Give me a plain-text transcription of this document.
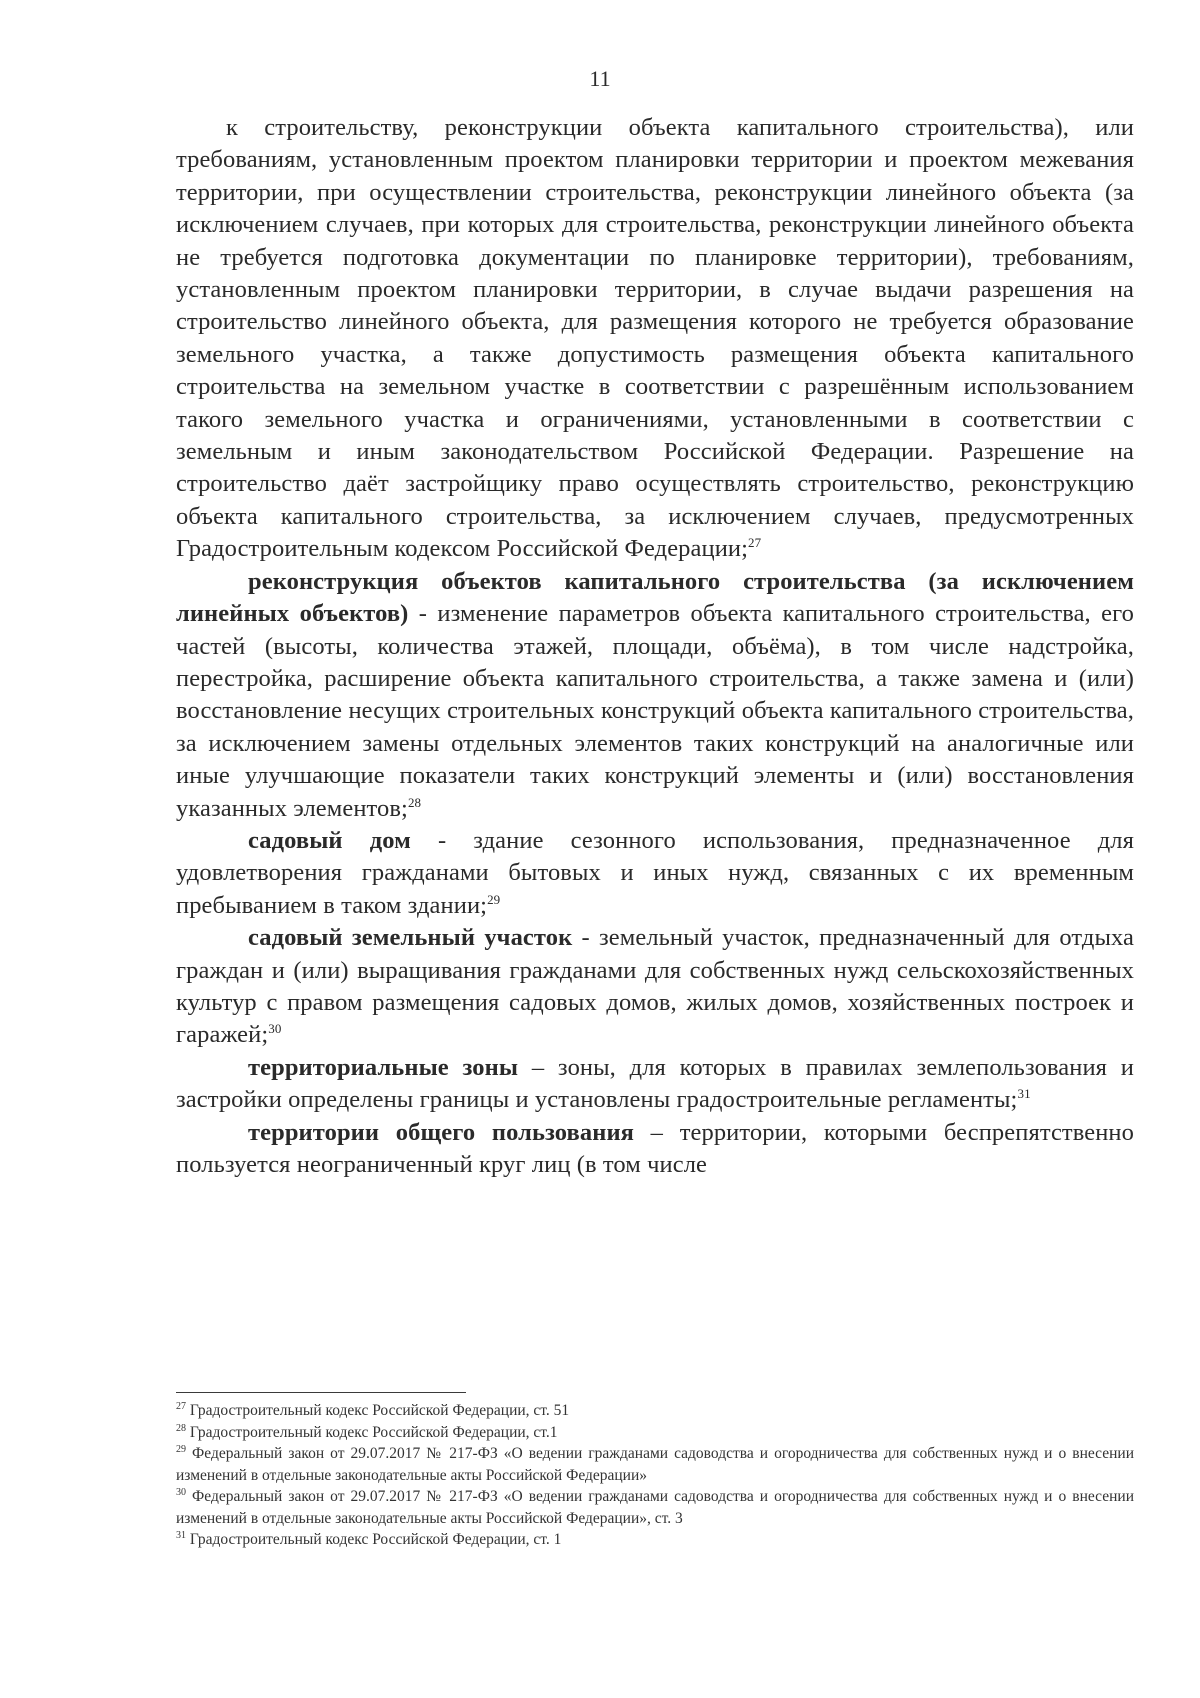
11

к строительству, реконструкции объекта капитального строительства), или требованиям, установленным проектом планировки территории и проектом межевания территории, при осуществлении строительства, реконструкции линейного объекта (за исключением случаев, при которых для строительства, реконструкции линейного объекта не требуется подготовка документации по планировке территории), требованиям, установленным проектом планировки территории, в случае выдачи разрешения на строительство линейного объекта, для размещения которого не требуется образование земельного участка, а также допустимость размещения объекта капитального строительства на земельном участке в соответствии с разрешённым использованием такого земельного участка и ограничениями, установленными в соответствии с земельным и иным законодательством Российской Федерации. Разрешение на строительство даёт застройщику право осуществлять строительство, реконструкцию объекта капитального строительства, за исключением случаев, предусмотренных Градостроительным кодексом Российской Федерации;$^{27}$

реконструкция объектов капитального строительства (за исключением линейных объектов) - изменение параметров объекта капитального строительства, его частей (высоты, количества этажей, площади, объёма), в том числе надстройка, перестройка, расширение объекта капитального строительства, а также замена и (или) восстановление несущих строительных конструкций объекта капитального строительства, за исключением замены отдельных элементов таких конструкций на аналогичные или иные улучшающие показатели таких конструкций элементы и (или) восстановления указанных элементов;$^{28}$

садовый дом - здание сезонного использования, предназначенное для удовлетворения гражданами бытовых и иных нужд, связанных с их временным пребыванием в таком здании;$^{29}$

садовый земельный участок - земельный участок, предназначенный для отдыха граждан и (или) выращивания гражданами для собственных нужд сельскохозяйственных культур с правом размещения садовых домов, жилых домов, хозяйственных построек и гаражей;$^{30}$

территориальные зоны – зоны, для которых в правилах землепользования и застройки определены границы и установлены градостроительные регламенты;$^{31}$

территории общего пользования – территории, которыми беспрепятственно пользуется неограниченный круг лиц (в том числе

$^{27}$ Градостроительный кодекс Российской Федерации, ст. 51

$^{28}$ Градостроительный кодекс Российской Федерации, ст.1

$^{29}$ Федеральный закон от 29.07.2017 № 217-ФЗ «О ведении гражданами садоводства и огородничества для собственных нужд и о внесении изменений в отдельные законодательные акты Российской Федерации»

$^{30}$ Федеральный закон от 29.07.2017 № 217-ФЗ «О ведении гражданами садоводства и огородничества для собственных нужд и о внесении изменений в отдельные законодательные акты Российской Федерации», ст. 3

$^{31}$ Градостроительный кодекс Российской Федерации, ст. 1
